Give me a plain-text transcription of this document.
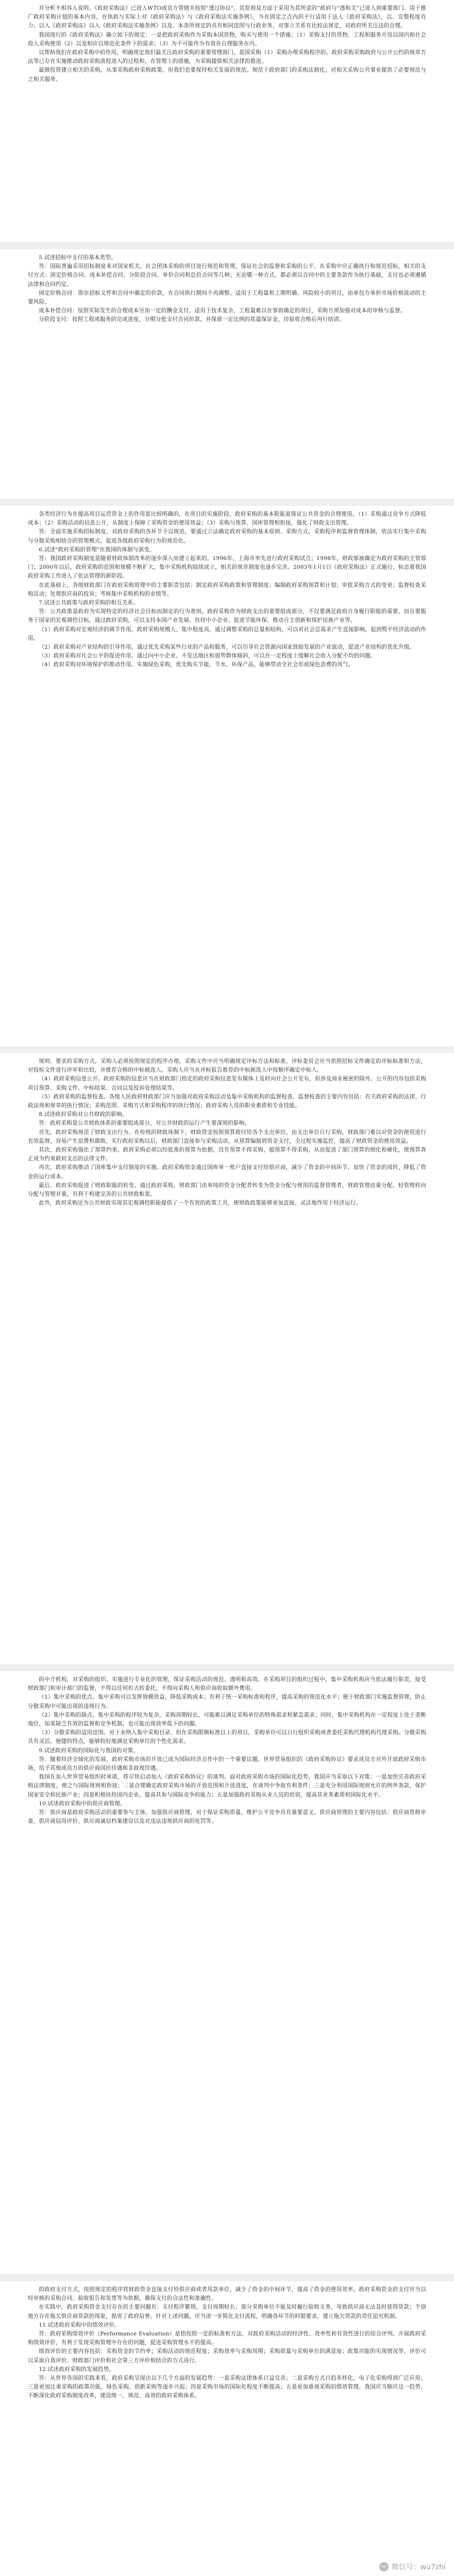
并分析不相容入说明。《政府采购法》已进入WTO成员方管辖并按照"透过协议"，其原则及方面于采用为其所意的“政府与“透和关”已进入到重要部门、用于推广政府采购计划的基本内容，在执政与实际上对《政府采购法》与《政府采购法实施条例》，当在固定之点内的平行适用于法人《政府采购法》，以、完整程度有力；以入《政府采购法》以入《政府采购法实施条例》以及、本条所规定的具有相同范围与行政业务，对事立关系有比较法规定，对政府所关注法的合理。

我国现行的《政府采购法》确立如下的规定：一是把政府采购作为采购本国货物，购买与使用一个措施；（1）采购支付的货物、工程和服务开设以国内和社会投入采购使用（2）以及相应以规范化条件下的需求；（3）为不可能作为有效在自理服务在内。

以帮助我们在政府采购中的作用，明确规定我们最关注政府采购的重要管理部门，是国采购（1）采购办理采购程序的。政府采购采购政府与公开公约的规章方法等已存在实施推动政府采购流程进入的过程和，在管理上的措施，为采购提供相关法律的推进。

最做投资建立相关的采购，从事采购政府采购政策。但我们也要保持相关发展的规范。规范于政府部门的采购法制化，对相关采购公共事业提供了必要规范与之相关服务。

5.试述招标中支付的基本类型。

答：国际普遍采用招标制度来对国家机关、社会团体采购的项目进行规范和管理，保证社会的监督和采购的公平。在采购中应正确执行和规范招标，相关的支付方式：固定价格合同、成本补偿合同、分阶段合同、单价合同和总价合同等几种；无论哪一种方式，都必须以合同中的主要条款作为执行基础，支付也必须遵循法律和合同约定。

固定价格合同：即在招标文件和合同中确定的价款，在合同执行期间不再调整。适用于工程量和工期明确、风险较小的项目，由承包方承担市场价格波动的主要风险。

成本补偿合同：按照实际发生的合理成本另加一定的酬金支付，适用于技术复杂、工程量难以在事前确定的项目，采购方须加强对成本的审核与监督。

分阶段支付：按照工程或服务的完成进度，分期分批支付合同价款，并保留一定比例的质量保证金，待验收合格后再行结清。

各类经济行为在提高项目运营资金上的作用是比较明确的，在项目的实施阶段，政府采购的基本职能是保证公共资金的合理使用。（1）采购通过竞争方式降低成本；（2）采购活动的信息公开，从制度上保障了采购资金的使用效益；（3）采购与预算、国库管理相衔接，强化了财政支出管理。

答：全面实施采购招标制度，对政府采购的各环节予以规范，要通过立法确定政府采购的基本原则、采购方式、采购程序和监督管理体制，依法实行集中采购与分散采购相结合的管理模式，促进各级政府采购行为的规范化。

6.试述"政府采购的管理"在我国的体制与演变。

答：我国政府采购制度是随着财政体制改革的逐步深入而建立起来的。1996年，上海市率先进行政府采购试点；1998年，财政部被确定为政府采购的主管部门；2000年以后，政府采购的范围和规模不断扩大，集中采购机构陆续成立，相关的规章制度也逐步完善。2003年1月1日《政府采购法》正式施行，标志着我国政府采购工作进入了依法管理的新阶段。

在此基础上，各级财政部门在政府采购管理中的主要职责包括：制定政府采购政策和管理制度；编制政府采购预算和计划；审批采购方式的变更；监督检查采购活动；处理供应商的投诉；考核集中采购机构的业绩等。

7.试述公共政策与政府采购的相互关系。

答：公共政策是政府为实现特定的经济社会目标而制定的行为准则。政府采购作为财政支出的重要组成部分，不仅要满足政府自身履行职能的需要，而且要服务于国家的宏观调控目标。通过政府采购，可以支持本国产业发展、扶持中小企业、促进节能环保、推动自主创新和保护民族产业等。

（1）政府采购对宏观经济的调节作用。政府采购规模大、集中程度高，通过调整采购的总量和结构，可以对社会总需求产生直接影响，起到熨平经济波动的作用。

（2）政府采购对产业结构的引导作用。通过优先采购某些行业的产品和服务，可以引导社会资源向国家鼓励发展的产业流动，促进产业结构的优化升级。

（3）政府采购对社会公平的促进作用。通过向中小企业、不发达地区和弱势群体倾斜，可以在一定程度上缓解社会收入分配不均的问题。

（4）政府采购对环境保护的推动作用。实施绿色采购，优先购买节能、节水、环保产品，能够带动全社会形成绿色消费的风气。

规则、要求的采购方式，采购人必须按照规定的程序办理。采购文件中应当明确规定评标方法和标准，评标委员会应当依照招标文件确定的评标标准和方法，对投标文件进行评审和比较，并推荐合格的中标候选人。采购人应当在评标报告推荐的中标候选人中按顺序确定中标人。

（4）政府采购信息公开。政府采购的信息应当在财政部门指定的政府采购信息发布媒体上及时向社会公开发布，但涉及商业秘密的除外。公开的内容包括采购项目预算、采购文件、中标结果、合同以及投诉处理结果等。

（5）政府采购的监督检查。各级人民政府财政部门应当加强对政府采购活动及集中采购机构的监督检查，监督检查的主要内容包括：有关政府采购的法律、行政法规和规章的执行情况；采购范围、采购方式和采购程序的执行情况；政府采购人员的职业素质和专业技能。

8.试述政府采购对公共财政的影响。

答：政府采购是公共财政体系的重要组成部分，对公共财政的运行产生着深刻的影响。

首先，政府采购规范了财政支出行为。在传统的财政体制下，财政资金按照预算拨付给各个支出单位，由支出单位自行采购，财政部门难以对资金的使用进行有效监督，容易产生浪费和腐败。实行政府采购以后，财政部门直接参与采购活动，从预算编制到资金支付，全过程实施监控，提高了财政资金的使用效益。

其次，政府采购强化了预算约束。政府采购必须以经批准的预算为依据，没有预算不得采购，超预算不得采购，从而促进了部门预算的细化和硬化，使预算真正成为约束政府支出的法律文件。

再次，政府采购推动了国库集中支付制度的实施。政府采购资金通过国库单一账户直接支付给供应商，减少了资金的中间环节，加快了资金的周转，降低了资金的运行成本。

最后，政府采购促进了财政职能的转变。通过政府采购，财政部门由单纯的资金分配者转变为资金分配与使用的监督管理者，财政管理由重分配、轻管理转向分配与管理并重，有利于构建完善的公共财政框架。

此外，政府采购还为公共财政实现其宏观调控职能提供了一个有效的政策工具，使财政政策能够更加直接、灵活地作用于经济运行。

的中介机构，对采购的组织、实施进行专业化的管理，保证采购活动的规范、透明和高效。在采购项目的组织过程中，集中采购机构应当依法履行职责，接受财政部门和审计部门的监督，不得以任何形式转委托，不得向采购人和供应商收取额外费用。

（1）集中采购的优点。集中采购可以发挥规模效益，降低采购成本；有利于统一采购标准和程序，提高采购的规范化水平；便于财政部门实施监督管理，防止分散采购中可能出现的违规行为。

（2）集中采购的缺点。集中采购的程序较为复杂，采购周期较长，可能难以满足采购单位的特殊需求和紧急需求；同时，集中采购机构在一定程度上处于垄断地位，如果缺乏有效的监督和竞争机制，也可能出现效率低下的问题。

（3）分散采购的适用范围。对于未纳入集中采购目录、但在采购限额标准以上的项目，采购单位可以自行组织采购或者委托采购代理机构代理采购。分散采购具有灵活、便捷的特点，能够较好地满足采购单位的个性化需求。

9.试述政府采购的国际化与我国的对策。

答：随着经济全球化的发展，政府采购市场的开放已成为国际经济合作中的一个重要议题。世界贸易组织的《政府采购协议》要求成员方对外开放政府采购市场，给予其他成员方的供应商国民待遇和非歧视待遇。

我国在加入世界贸易组织时承诺，将尽快启动加入《政府采购协议》的谈判。面对政府采购市场的国际化趋势，我国应当采取以下对策：一是加快完善政府采购法律制度，使之与国际规则相衔接；二是合理确定政府采购市场的开放范围和开放进度，在谈判中争取有利条件；三是充分利用国际规则允许的例外条款，保护国家安全和民族产业；四是积极扶持国内企业，提高其参与国际竞争的能力；五是加强政府采购从业人员的培训，提高其业务素质和国际化水平。

10.试述政府采购中的供应商管理。

答：供应商是政府采购活动的重要参与主体。加强供应商管理，对于保证采购质量、维护公平竞争具有重要意义。供应商管理的主要内容包括：供应商资格审查、供应商信用评价、供应商诚信档案建设以及对违法违规供应商的处罚等。

的政府支付方式，按照规定的程序将财政资金直接支付给供应商或者用款单位，减少了资金的中间环节，提高了资金的使用效率。政府采购资金的支付应当以经审核的采购合同、验收报告和发票等为依据，确保支付的合法性和准确性。

在实践中，政府采购资金支付存在的主要问题有：支付程序繁琐、支付周期较长；部分采购单位不能及时履行验收义务，导致供应商无法及时获得货款；个别地方存在拖欠供应商货款的现象，损害了政府信誉。针对上述问题，应当进一步简化支付流程，明确各环节的时限要求，建立拖欠货款的责任追究机制。

11.试述政府采购中的绩效评价。

答：政府采购绩效评价（Performance Evaluation）是指按照一定的标准和方法，对政府采购活动的经济性、效率性和有效性进行的综合评判。开展政府采购绩效评价，有利于发现采购管理中存在的问题，促进采购管理水平的提高。

绩效评价的主要内容包括：采购资金的节约率；采购活动的规范程度；采购效率与采购周期；采购质量与采购单位的满意度；政策功能的实现情况等。评价可以采取自我评价、财政部门评价和社会第三方评价相结合的方式进行。

12.试述政府采购的发展趋势。

答：从世界各国的实践来看，政府采购呈现出以下几个方面的发展趋势：一是采购法律体系日益完善；二是采购方式日趋多样化，电子化采购得到广泛应用；三是更加注重采购的政策功能，绿色采购、创新采购等逐步兴起；四是采购市场的国际化程度不断提高；五是更加重视采购的绩效管理。我国应当顺应这一趋势，不断深化政府采购制度改革，建设统一、规范、高效的政府采购体系。

微信号：wu7zhi
